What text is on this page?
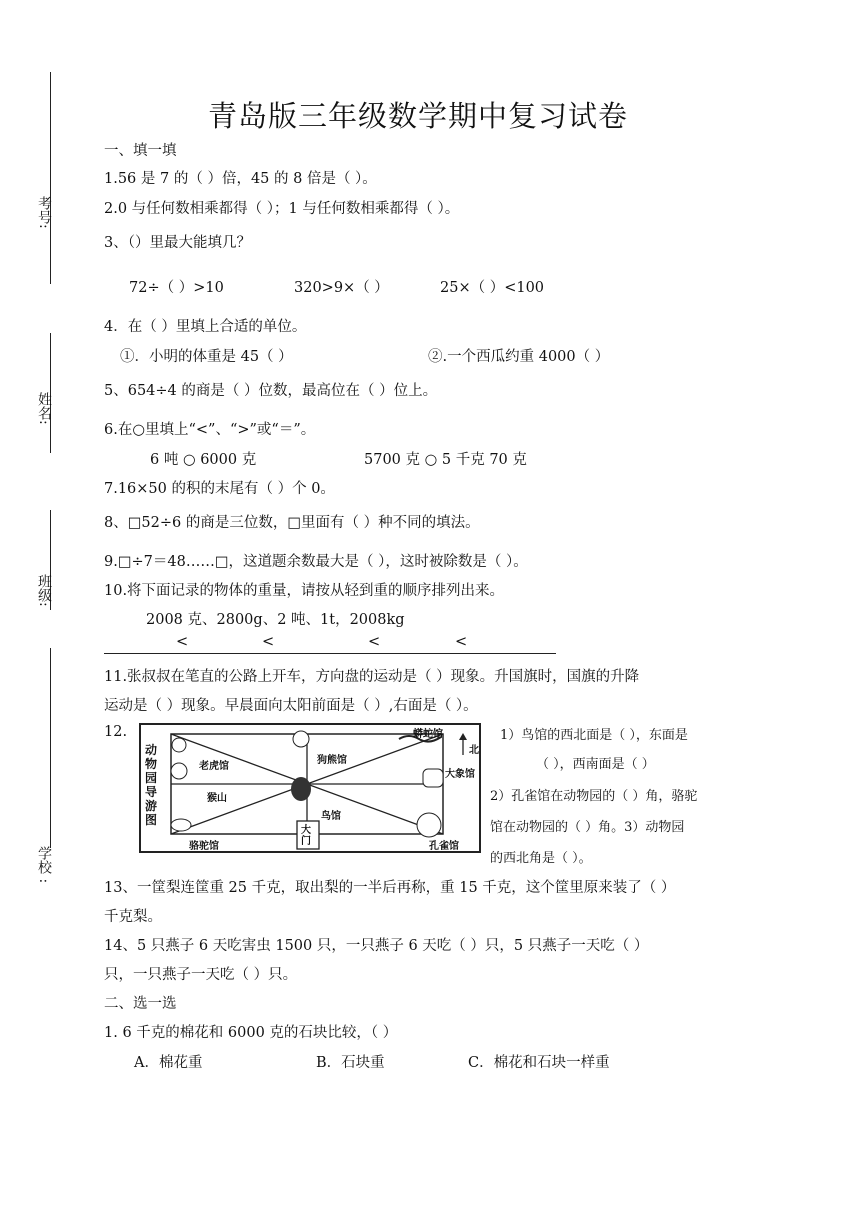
考号:
姓名:
班级:
学校 :
青岛版三年级数学期中复习试卷
一、填一填
1.56 是 7 的（ ）倍，45 的 8 倍是（ ）。
2.0 与任何数相乘都得（ ）；1 与任何数相乘都得（ ）。
3、（）里最大能填几？
72÷（ ）>10	320>9×（ ）	25×（ ）<100
4．在（ ）里填上合适的单位。
①．小明的体重是 45（ ）	②.一个西瓜约重 4000（ ）
5、654÷4 的商是（ ）位数，最高位在（ ）位上。
6.在○里填上“<”、“>”或“＝”。
6 吨 ○ 6000 克	5700 克 ○ 5 千克 70 克
7.16×50 的积的末尾有（ ）个 0。
8、□52÷6 的商是三位数，□里面有（ ）种不同的填法。
9.□÷7＝48……□，这道题余数最大是（ ），这时被除数是（ ）。
10.将下面记录的物体的重量，请按从轻到重的顺序排列出来。
2008 克、2800g、2 吨、1t，2008kg
<	<	<	<
11.张叔叔在笔直的公路上开车，方向盘的运动是（ ）现象。升国旗时，国旗的升降
运动是（ ）现象。早晨面向太阳前面是（ ）,右面是（ ）。
12.
动物园导游图
老虎馆
狗熊馆
蟒蛇馆
北
猴山
鸟馆
大象馆
大门
骆驼馆	孔雀馆
1）鸟馆的西北面是（ ），东面是
（ ），西南面是（ ）
2）孔雀馆在动物园的（ ）角，骆驼
馆在动物园的（ ）角。3）动物园
的西北角是（ ）。
13、一筐梨连筐重 25 千克，取出梨的一半后再称，重 15 千克，这个筐里原来装了（ ）
千克梨。
14、5 只燕子 6 天吃害虫 1500 只，一只燕子 6 天吃（ ）只，5 只燕子一天吃（ ）
只，一只燕子一天吃（ ）只。
二、选一选
1. 6 千克的棉花和 6000 克的石块比较，（ ）
A．棉花重	B．石块重	C．棉花和石块一样重
